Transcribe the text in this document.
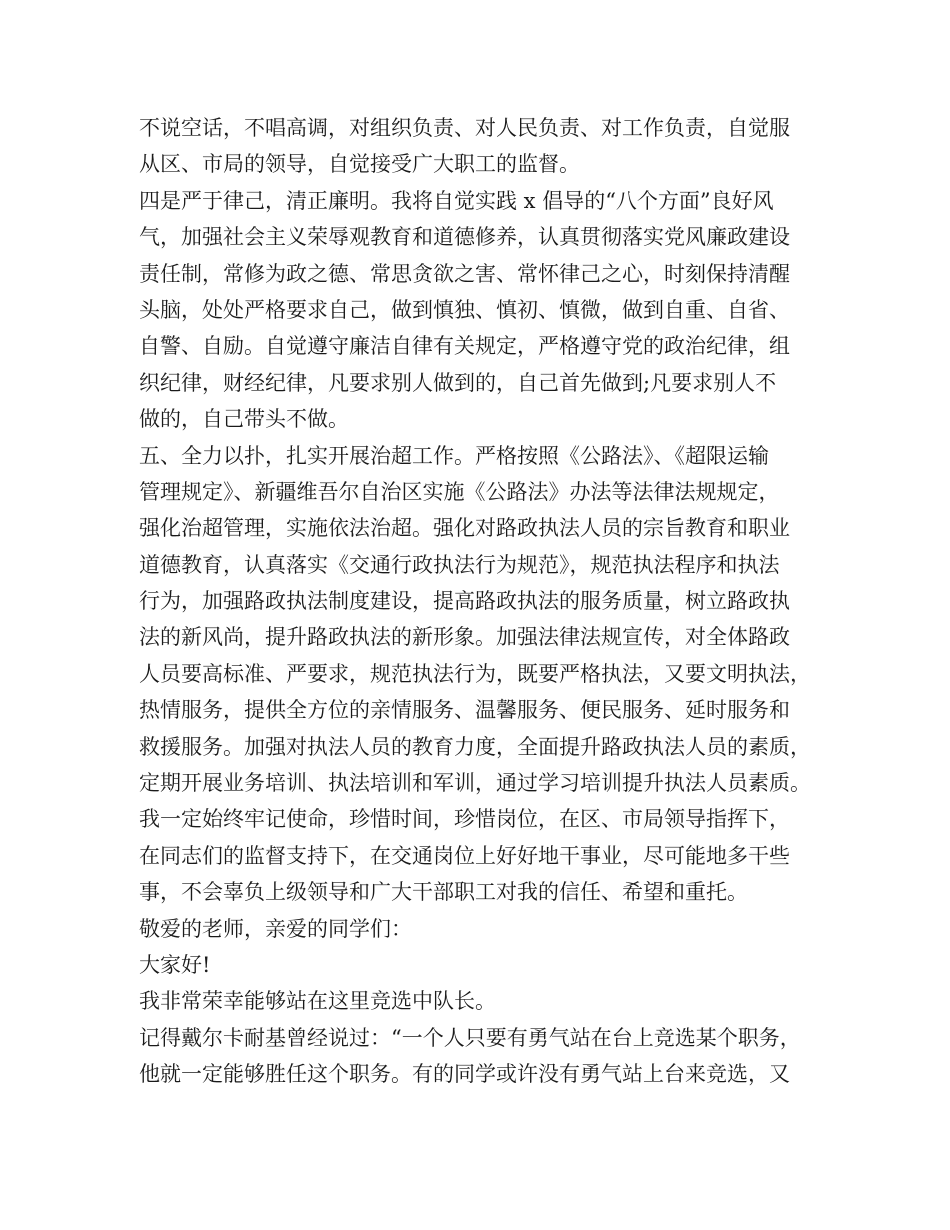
不说空话，不唱高调，对组织负责、对人民负责、对工作负责，自觉服
从区、市局的领导，自觉接受广大职工的监督。
四是严于律己，清正廉明。我将自觉实践 x 倡导的“八个方面”良好风
气，加强社会主义荣辱观教育和道德修养，认真贯彻落实党风廉政建设
责任制，常修为政之德、常思贪欲之害、常怀律己之心，时刻保持清醒
头脑，处处严格要求自己，做到慎独、慎初、慎微，做到自重、自省、
自警、自励。自觉遵守廉洁自律有关规定，严格遵守党的政治纪律，组
织纪律，财经纪律，凡要求别人做到的，自己首先做到;凡要求别人不
做的，自己带头不做。
五、全力以扑，扎实开展治超工作。严格按照《公路法》、《超限运输
管理规定》、新疆维吾尔自治区实施《公路法》办法等法律法规规定，
强化治超管理，实施依法治超。强化对路政执法人员的宗旨教育和职业
道德教育，认真落实《交通行政执法行为规范》，规范执法程序和执法
行为，加强路政执法制度建设，提高路政执法的服务质量，树立路政执
法的新风尚，提升路政执法的新形象。加强法律法规宣传，对全体路政
人员要高标准、严要求，规范执法行为，既要严格执法，又要文明执法，
热情服务，提供全方位的亲情服务、温馨服务、便民服务、延时服务和
救援服务。加强对执法人员的教育力度，全面提升路政执法人员的素质，
定期开展业务培训、执法培训和军训，通过学习培训提升执法人员素质。
我一定始终牢记使命，珍惜时间，珍惜岗位，在区、市局领导指挥下，
在同志们的监督支持下，在交通岗位上好好地干事业，尽可能地多干些
事，不会辜负上级领导和广大干部职工对我的信任、希望和重托。
敬爱的老师，亲爱的同学们：
大家好!
我非常荣幸能够站在这里竞选中队长。
记得戴尔卡耐基曾经说过：“一个人只要有勇气站在台上竞选某个职务，
他就一定能够胜任这个职务。有的同学或许没有勇气站上台来竞选，又
